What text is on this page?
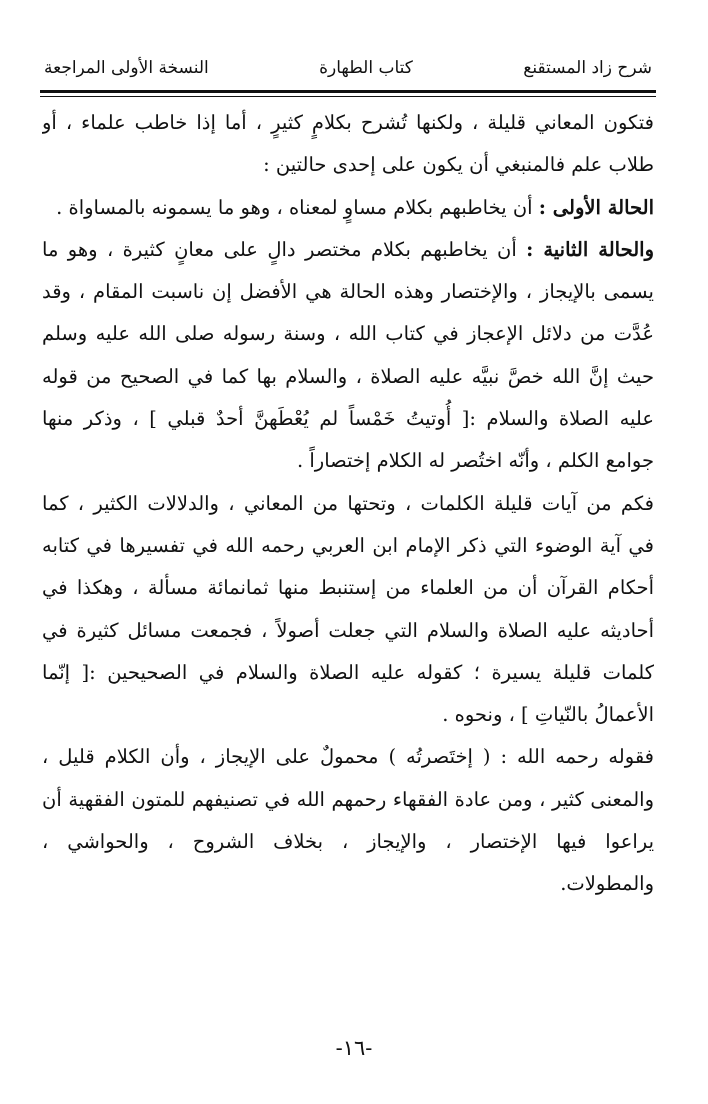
شرح زاد المستقنع
كتاب الطهارة
النسخة الأولى المراجعة
فتكون المعاني قليلة ، ولكنها تُشرح بكلامٍ كثيرٍ ، أما إذا خاطب علماء ، أو
طلاب علم فالمنبغي أن يكون على إحدى حالتين :
الحالة الأولى : أن يخاطبهم بكلام مساوٍ لمعناه ، وهو ما يسمونه بالمساواة .
والحالة الثانية : أن يخاطبهم بكلام مختصر دالٍ على معانٍ كثيرة ، وهو ما
يسمى بالإيجاز ، والإختصار وهذه الحالة هي الأفضل إن ناسبت المقام ، وقد
عُدَّت من دلائل الإعجاز في كتاب الله ، وسنة رسوله صلى الله عليه وسلم
حيث إنَّ الله خصَّ نبيَّه عليه الصلاة ، والسلام بها كما في الصحيح من قوله
عليه الصلاة والسلام :[ أُوتيتُ خَمْساً لم يُعْطَهنَّ أحدٌ قبلي ] ، وذكر منها
جوامع الكلم ، وأنّه اختُصر له الكلام إختصاراً .
فكم من آيات قليلة الكلمات ، وتحتها من المعاني ، والدلالات الكثير ، كما
في آية الوضوء التي ذكر الإمام ابن العربي رحمه الله في تفسيرها في كتابه
أحكام القرآن أن من العلماء من إستنبط منها ثمانمائة مسألة ، وهكذا في
أحاديثه عليه الصلاة والسلام التي جعلت أصولاً ، فجمعت مسائل كثيرة في
كلمات قليلة يسيرة ؛ كقوله عليه الصلاة والسلام في الصحيحين :[ إنّما
الأعمالُ بالنّياتِ ] ، ونحوه .
فقوله رحمه الله : ( إختَصرتُه ) محمولٌ على الإيجاز ، وأن الكلام قليل ،
والمعنى كثير ، ومن عادة الفقهاء رحمهم الله في تصنيفهم للمتون الفقهية أن
يراعوا فيها الإختصار ، والإيجاز ، بخلاف الشروح ، والحواشي ،
والمطولات.
-١٦-
